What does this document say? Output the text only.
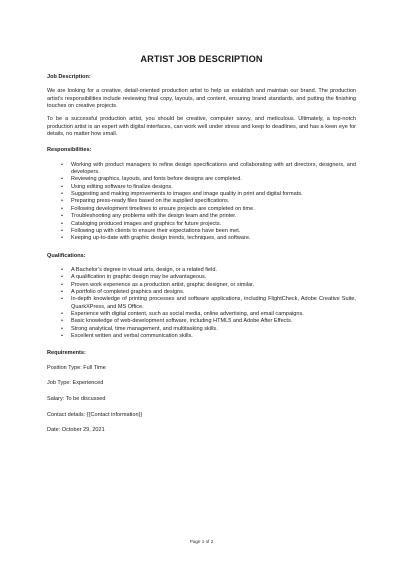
ARTIST JOB DESCRIPTION
Job Description:

We are looking for a creative, detail-oriented production artist to help us establish and maintain our brand. The production artist’s responsibilities include reviewing final copy, layouts, and content, ensuring brand standards, and putting the finishing touches on creative projects.

To be a successful production artist, you should be creative, computer savvy, and meticulous. Ultimately, a top-notch production artist is an expert with digital interfaces, can work well under stress and keep to deadlines, and has a keen eye for details, no matter how small.

Responsibilities:
• Working with product managers to refine design specifications and collaborating with art directors, designers, and developers.
• Reviewing graphics, layouts, and fonts before designs are completed.
• Using editing software to finalize designs.
• Suggesting and making improvements to images and image quality in print and digital formats.
• Preparing press-ready files based on the supplied specifications.
• Following development timelines to ensure projects are completed on time.
• Troubleshooting any problems with the design team and the printer.
• Cataloging produced images and graphics for future projects.
• Following up with clients to ensure their expectations have been met.
• Keeping up-to-date with graphic design trends, techniques, and software.
Qualifications:
• A Bachelor’s degree in visual arts, design, or a related field.
• A qualification in graphic design may be advantageous.
• Proven work experience as a production artist, graphic designer, or similar.
• A portfolio of completed graphics and designs.
• In-depth knowledge of printing processes and software applications, including FlightCheck, Adobe Creative Suite, QuarkXPress, and MS Office.
• Experience with digital content, such as social media, online advertising, and email campaigns.
• Basic knowledge of web-development software, including HTML5 and Adobe After Effects.
• Strong analytical, time management, and multitasking skills.
• Excellent written and verbal communication skills.
Requirements:
Position Type: Full Time
Job Type: Experienced
Salary: To be discussed
Contact details: {{Contact information}}
Date: October 29, 2021
Page 1 of 2
